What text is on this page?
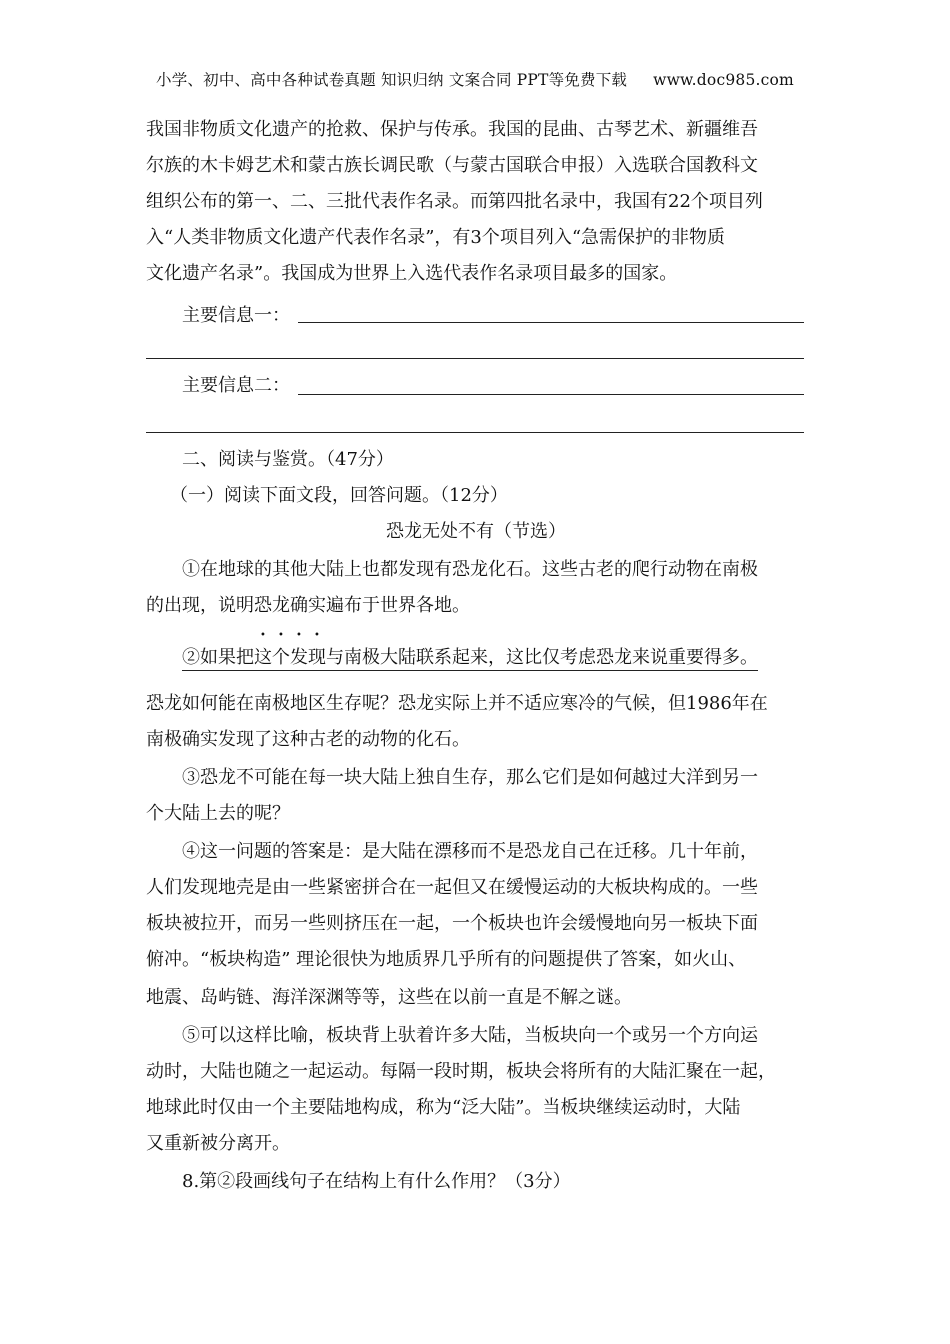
小学、初中、高中各种试卷真题 知识归纳 文案合同 PPT等免费下载 www.doc985.com
我国非物质文化遗产的抢救、保护与传承。我国的昆曲、古琴艺术、新疆维吾
尔族的木卡姆艺术和蒙古族长调民歌（与蒙古国联合申报）入选联合国教科文
组织公布的第一、二、三批代表作名录。而第四批名录中，我国有22个项目列
入“人类非物质文化遗产代表作名录”，有3个项目列入“急需保护的非物质
文化遗产名录”。我国成为世界上入选代表作名录项目最多的国家。
主要信息一：
主要信息二：
二、阅读与鉴赏。（47分）
（一）阅读下面文段，回答问题。（12分）
恐龙无处不有（节选）
①在地球的其他大陆上也都发现有恐龙化石。这些古老的爬行动物在南极
的出现，说明恐龙确实遍布于世界各地。
②如果把这个发现与南极大陆联系起来，这比仅考虑恐龙来说重要得多。
恐龙如何能在南极地区生存呢？恐龙实际上并不适应寒冷的气候，但1986年在
南极确实发现了这种古老的动物的化石。
③恐龙不可能在每一块大陆上独自生存，那么它们是如何越过大洋到另一
个大陆上去的呢？
④这一问题的答案是：是大陆在漂移而不是恐龙自己在迁移。几十年前，
人们发现地壳是由一些紧密拼合在一起但又在缓慢运动的大板块构成的。一些
板块被拉开，而另一些则挤压在一起，一个板块也许会缓慢地向另一板块下面
俯冲。“板块构造” 理论很快为地质界几乎所有的问题提供了答案，如火山、
地震、岛屿链、海洋深渊等等，这些在以前一直是不解之谜。
⑤可以这样比喻，板块背上驮着许多大陆，当板块向一个或另一个方向运
动时，大陆也随之一起运动。每隔一段时期，板块会将所有的大陆汇聚在一起，
地球此时仅由一个主要陆地构成，称为“泛大陆”。当板块继续运动时，大陆
又重新被分离开。
8.第②段画线句子在结构上有什么作用？（3分）
